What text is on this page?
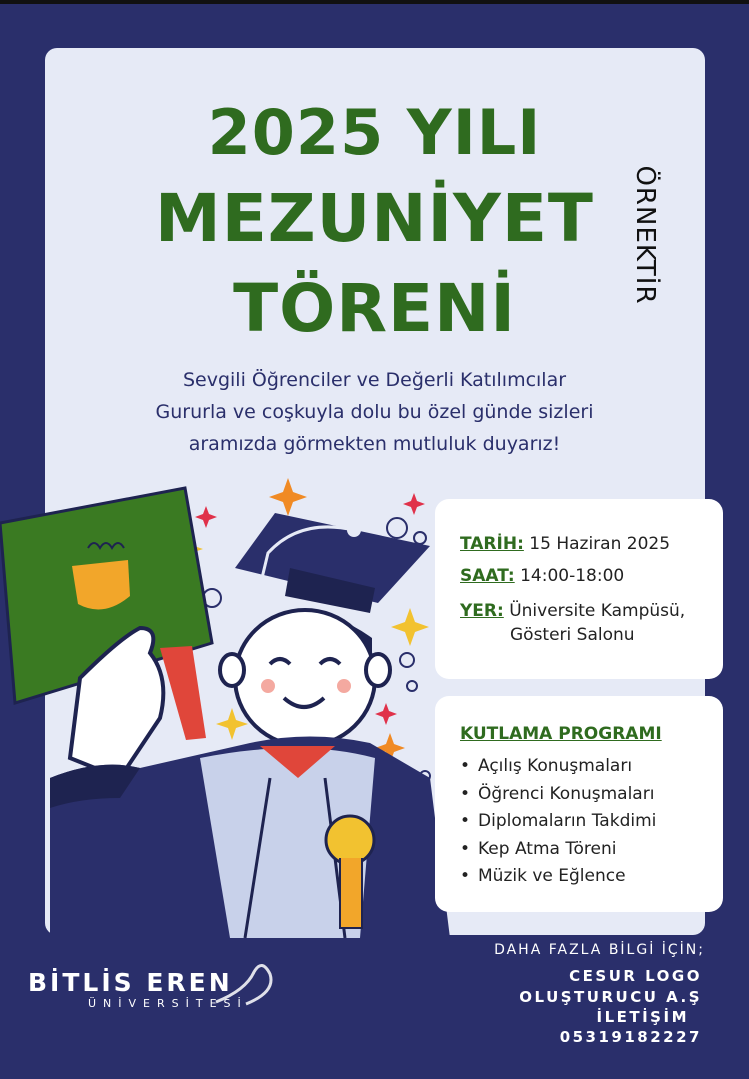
2025 YILI
MEZUNİYET
TÖRENİ
ÖRNEKTİR
Sevgili Öğrenciler ve Değerli Katılımcılar
Gururla ve coşkuyla dolu bu özel günde sizleri
aramızda görmekten mutluluk duyarız!
TARİH: 15 Haziran 2025
SAAT: 14:00-18:00
YER: Üniversite Kampüsü,
Gösteri Salonu
KUTLAMA PROGRAMI
• Açılış Konuşmaları
• Öğrenci Konuşmaları
• Diplomaların Takdimi
• Kep Atma Töreni
• Müzik ve Eğlence
BİTLİS EREN
ÜNİVERSİTESİ
DAHA FAZLA BİLGİ İÇİN;
CESUR LOGO
OLUŞTURUCU A.Ş
İLETİŞİM
05319182227
